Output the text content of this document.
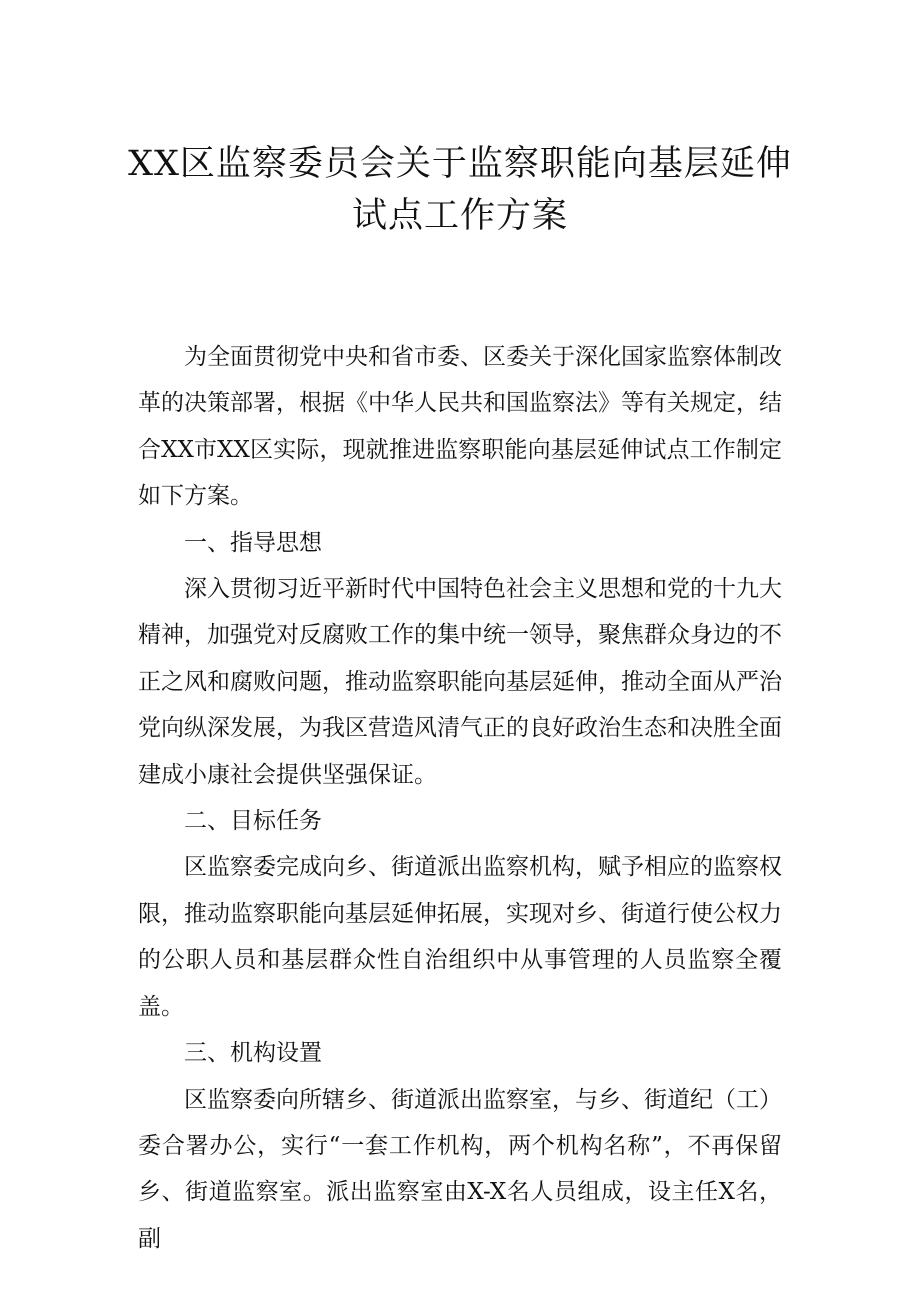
XX区监察委员会关于监察职能向基层延伸
试点工作方案

为全面贯彻党中央和省市委、区委关于深化国家监察体制改革的决策部署，根据《中华人民共和国监察法》等有关规定，结合XX市XX区实际，现就推进监察职能向基层延伸试点工作制定如下方案。

一、指导思想

深入贯彻习近平新时代中国特色社会主义思想和党的十九大精神，加强党对反腐败工作的集中统一领导，聚焦群众身边的不正之风和腐败问题，推动监察职能向基层延伸，推动全面从严治党向纵深发展，为我区营造风清气正的良好政治生态和决胜全面建成小康社会提供坚强保证。

二、目标任务

区监察委完成向乡、街道派出监察机构，赋予相应的监察权限，推动监察职能向基层延伸拓展，实现对乡、街道行使公权力的公职人员和基层群众性自治组织中从事管理的人员监察全覆盖。

三、机构设置

区监察委向所辖乡、街道派出监察室，与乡、街道纪（工）委合署办公，实行“一套工作机构，两个机构名称”，不再保留乡、街道监察室。派出监察室由X-X名人员组成，设主任X名，副
